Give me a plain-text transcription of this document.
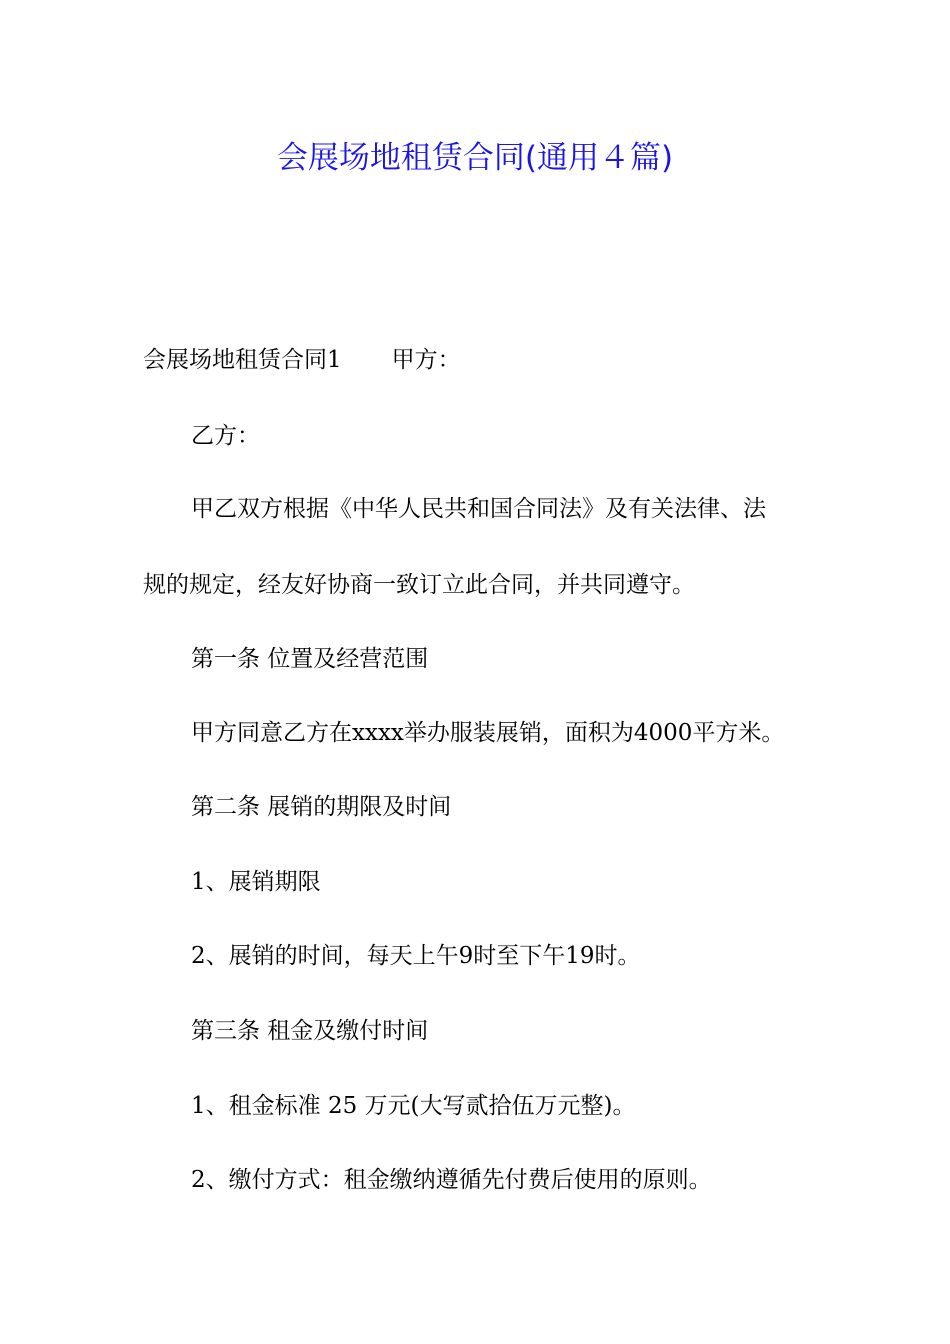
会展场地租赁合同(通用４篇)
会展场地租赁合同1 甲方：
乙方：
甲乙双方根据《中华人民共和国合同法》及有关法律、法
规的规定，经友好协商一致订立此合同，并共同遵守。
第一条 位置及经营范围
甲方同意乙方在xxxx举办服装展销，面积为4000平方米。
第二条 展销的期限及时间
1、展销期限
2、展销的时间，每天上午9时至下午19时。
第三条 租金及缴付时间
1、租金标准 25 万元(大写贰拾伍万元整)。
2、缴付方式：租金缴纳遵循先付费后使用的原则。
